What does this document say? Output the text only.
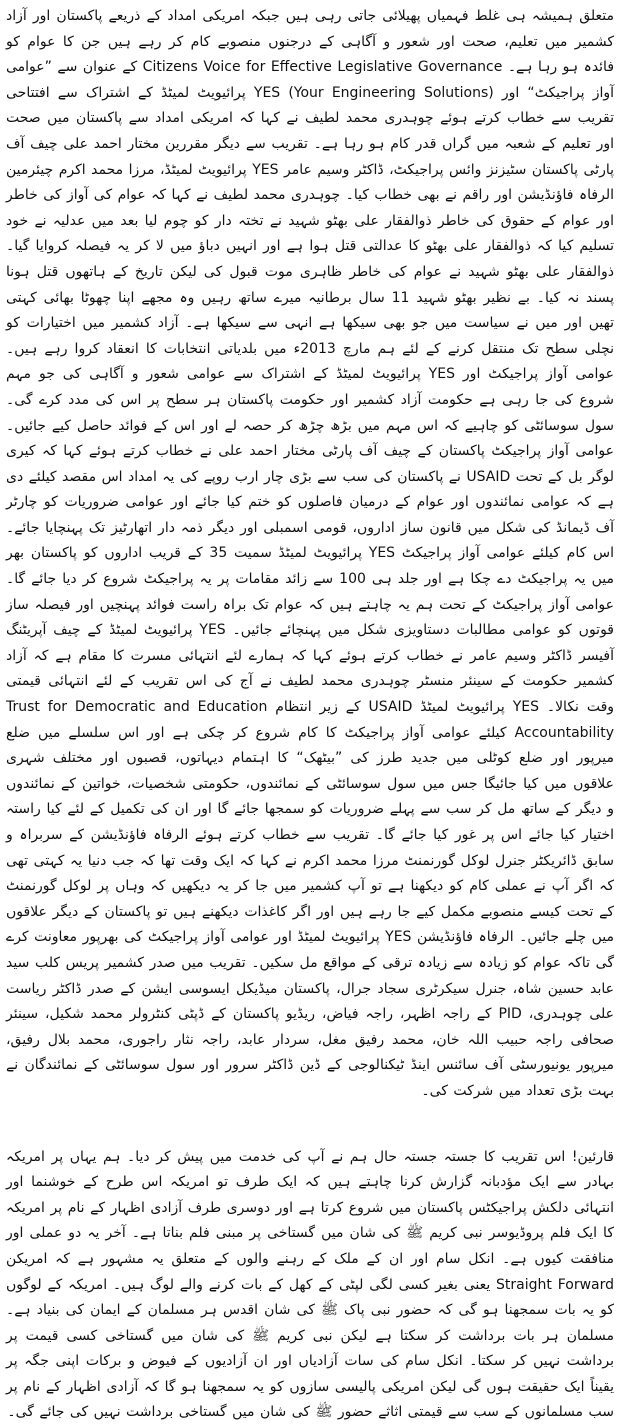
متعلق ہمیشہ ہی غلط فہمیاں پھیلائی جاتی رہی ہیں جبکہ امریکی امداد کے ذریعے پاکستان اور آزاد کشمیر میں تعلیم، صحت اور شعور و آگاہی کے درجنوں منصوبے کام کر رہے ہیں جن کا عوام کو فائدہ ہو رہا ہے۔ Citizens Voice for Effective Legislative Governance کے عنوان سے ”عوامی آواز پراجیکٹ“ اور YES (Your Engineering Solutions) پرائیویٹ لمیٹڈ کے اشتراک سے افتتاحی تقریب سے خطاب کرتے ہوئے چوہدری محمد لطیف نے کہا کہ امریکی امداد سے پاکستان میں صحت اور تعلیم کے شعبہ میں گراں قدر کام ہو رہا ہے۔ تقریب سے دیگر مقررین مختار احمد علی چیف آف پارٹی پاکستان سٹیزنز وائس پراجیکٹ، ڈاکٹر وسیم عامر YES پرائیویٹ لمیٹڈ، مرزا محمد اکرم چیئرمین الرفاہ فاؤنڈیشن اور راقم نے بھی خطاب کیا۔ چوہدری محمد لطیف نے کہا کہ عوام کی آواز کی خاطر اور عوام کے حقوق کی خاطر ذوالفقار علی بھٹو شہید نے تختہ دار کو چوم لیا بعد میں عدلیہ نے خود تسلیم کیا کہ ذوالفقار علی بھٹو کا عدالتی قتل ہوا ہے اور انہیں دباؤ میں لا کر یہ فیصلہ کروایا گیا۔ ذوالفقار علی بھٹو شہید نے عوام کی خاطر ظاہری موت قبول کی لیکن تاریخ کے ہاتھوں قتل ہونا پسند نہ کیا۔ بے نظیر بھٹو شہید 11 سال برطانیہ میرے ساتھ رہیں وہ مجھے اپنا چھوٹا بھائی کہتی تھیں اور میں نے سیاست میں جو بھی سیکھا ہے انہی سے سیکھا ہے۔ آزاد کشمیر میں اختیارات کو نچلی سطح تک منتقل کرنے کے لئے ہم مارچ 2013ء میں بلدیاتی انتخابات کا انعقاد کروا رہے ہیں۔ عوامی آواز پراجیکٹ اور YES پرائیویٹ لمیٹڈ کے اشتراک سے عوامی شعور و آگاہی کی جو مہم شروع کی جا رہی ہے حکومت آزاد کشمیر اور حکومت پاکستان ہر سطح پر اس کی مدد کرے گی۔ سول سوسائٹی کو چاہیے کہ اس مہم میں بڑھ چڑھ کر حصہ لے اور اس کے فوائد حاصل کیے جائیں۔ عوامی آواز پراجیکٹ پاکستان کے چیف آف پارٹی مختار احمد علی نے خطاب کرتے ہوئے کہا کہ کیری لوگر بل کے تحت USAID نے پاکستان کی سب سے بڑی چار ارب روپے کی یہ امداد اس مقصد کیلئے دی ہے کہ عوامی نمائندوں اور عوام کے درمیان فاصلوں کو ختم کیا جائے اور عوامی ضروریات کو چارٹر آف ڈیمانڈ کی شکل میں قانون ساز اداروں، قومی اسمبلی اور دیگر ذمہ دار اتھارٹیز تک پہنچایا جائے۔ اس کام کیلئے عوامی آواز پراجیکٹ YES پرائیویٹ لمیٹڈ سمیت 35 کے قریب اداروں کو پاکستان بھر میں یہ پراجیکٹ دے چکا ہے اور جلد ہی 100 سے زائد مقامات پر یہ پراجیکٹ شروع کر دیا جائے گا۔ عوامی آواز پراجیکٹ کے تحت ہم یہ چاہتے ہیں کہ عوام تک براہ راست فوائد پہنچیں اور فیصلہ ساز قوتوں کو عوامی مطالبات دستاویزی شکل میں پہنچائے جائیں۔ YES پرائیویٹ لمیٹڈ کے چیف آپریٹنگ آفیسر ڈاکٹر وسیم عامر نے خطاب کرتے ہوئے کہا کہ ہمارے لئے انتہائی مسرت کا مقام ہے کہ آزاد کشمیر حکومت کے سینئر منسٹر چوہدری محمد لطیف نے آج کی اس تقریب کے لئے انتہائی قیمتی وقت نکالا۔ YES پرائیویٹ لمیٹڈ USAID کے زیر انتظام Trust for Democratic and Education Accountability کیلئے عوامی آواز پراجیکٹ کا کام شروع کر چکی ہے اور اس سلسلے میں ضلع میرپور اور ضلع کوٹلی میں جدید طرز کی ”بیٹھک“ کا اہتمام دیہاتوں، قصبوں اور مختلف شہری علاقوں میں کیا جائیگا جس میں سول سوسائٹی کے نمائندوں، حکومتی شخصیات، خواتین کے نمائندوں و دیگر کے ساتھ مل کر سب سے پہلے ضروریات کو سمجھا جائے گا اور ان کی تکمیل کے لئے کیا راستہ اختیار کیا جائے اس پر غور کیا جائے گا۔ تقریب سے خطاب کرتے ہوئے الرفاہ فاؤنڈیشن کے سربراہ و سابق ڈائریکٹر جنرل لوکل گورنمنٹ مرزا محمد اکرم نے کہا کہ ایک وقت تھا کہ جب دنیا یہ کہتی تھی کہ اگر آپ نے عملی کام کو دیکھنا ہے تو آپ کشمیر میں جا کر یہ دیکھیں کہ وہاں پر لوکل گورنمنٹ کے تحت کیسے منصوبے مکمل کیے جا رہے ہیں اور اگر کاغذات دیکھنے ہیں تو پاکستان کے دیگر علاقوں میں چلے جائیں۔ الرفاہ فاؤنڈیشن YES پرائیویٹ لمیٹڈ اور عوامی آواز پراجیکٹ کی بھرپور معاونت کرے گی تاکہ عوام کو زیادہ سے زیادہ ترقی کے مواقع مل سکیں۔ تقریب میں صدر کشمیر پریس کلب سید عابد حسین شاہ، جنرل سیکرٹری سجاد جرال، پاکستان میڈیکل ایسوسی ایشن کے صدر ڈاکٹر ریاست علی چوہدری، PID کے راجہ اظہر، راجہ فیاض، ریڈیو پاکستان کے ڈپٹی کنٹرولر محمد شکیل، سینئر صحافی راجہ حبیب اللہ خان، محمد رفیق مغل، سردار عابد، راجہ نثار راجوری، محمد بلال رفیق، میرپور یونیورسٹی آف سائنس اینڈ ٹیکنالوجی کے ڈین ڈاکٹر سرور اور سول سوسائٹی کے نمائندگان نے بہت بڑی تعداد میں شرکت کی۔

قارئین! اس تقریب کا جستہ جستہ حال ہم نے آپ کی خدمت میں پیش کر دیا۔ ہم یہاں پر امریکہ بہادر سے ایک مؤدبانہ گزارش کرنا چاہتے ہیں کہ ایک طرف تو امریکہ اس طرح کے خوشنما اور انتہائی دلکش پراجیکٹس پاکستان میں شروع کرتا ہے اور دوسری طرف آزادی اظہار کے نام پر امریکہ کا ایک فلم پروڈیوسر نبی کریم ﷺ کی شان میں گستاخی پر مبنی فلم بناتا ہے۔ آخر یہ دو عملی اور منافقت کیوں ہے۔ انکل سام اور ان کے ملک کے رہنے والوں کے متعلق یہ مشہور ہے کہ امریکن Straight Forward یعنی بغیر کسی لگی لپٹی کے کھل کے بات کرنے والے لوگ ہیں۔ امریکہ کے لوگوں کو یہ بات سمجھنا ہو گی کہ حضور نبی پاک ﷺ کی شان اقدس ہر مسلمان کے ایمان کی بنیاد ہے۔ مسلمان ہر بات برداشت کر سکتا ہے لیکن نبی کریم ﷺ کی شان میں گستاخی کسی قیمت پر برداشت نہیں کر سکتا۔ انکل سام کی سات آزادیاں اور ان آزادیوں کے فیوض و برکات اپنی جگہ پر یقیناً ایک حقیقت ہوں گی لیکن امریکی پالیسی سازوں کو یہ سمجھنا ہو گا کہ آزادی اظہار کے نام پر سب مسلمانوں کے سب سے قیمتی اثاثے حضور ﷺ کی شان میں گستاخی برداشت نہیں کی جائے گی۔
